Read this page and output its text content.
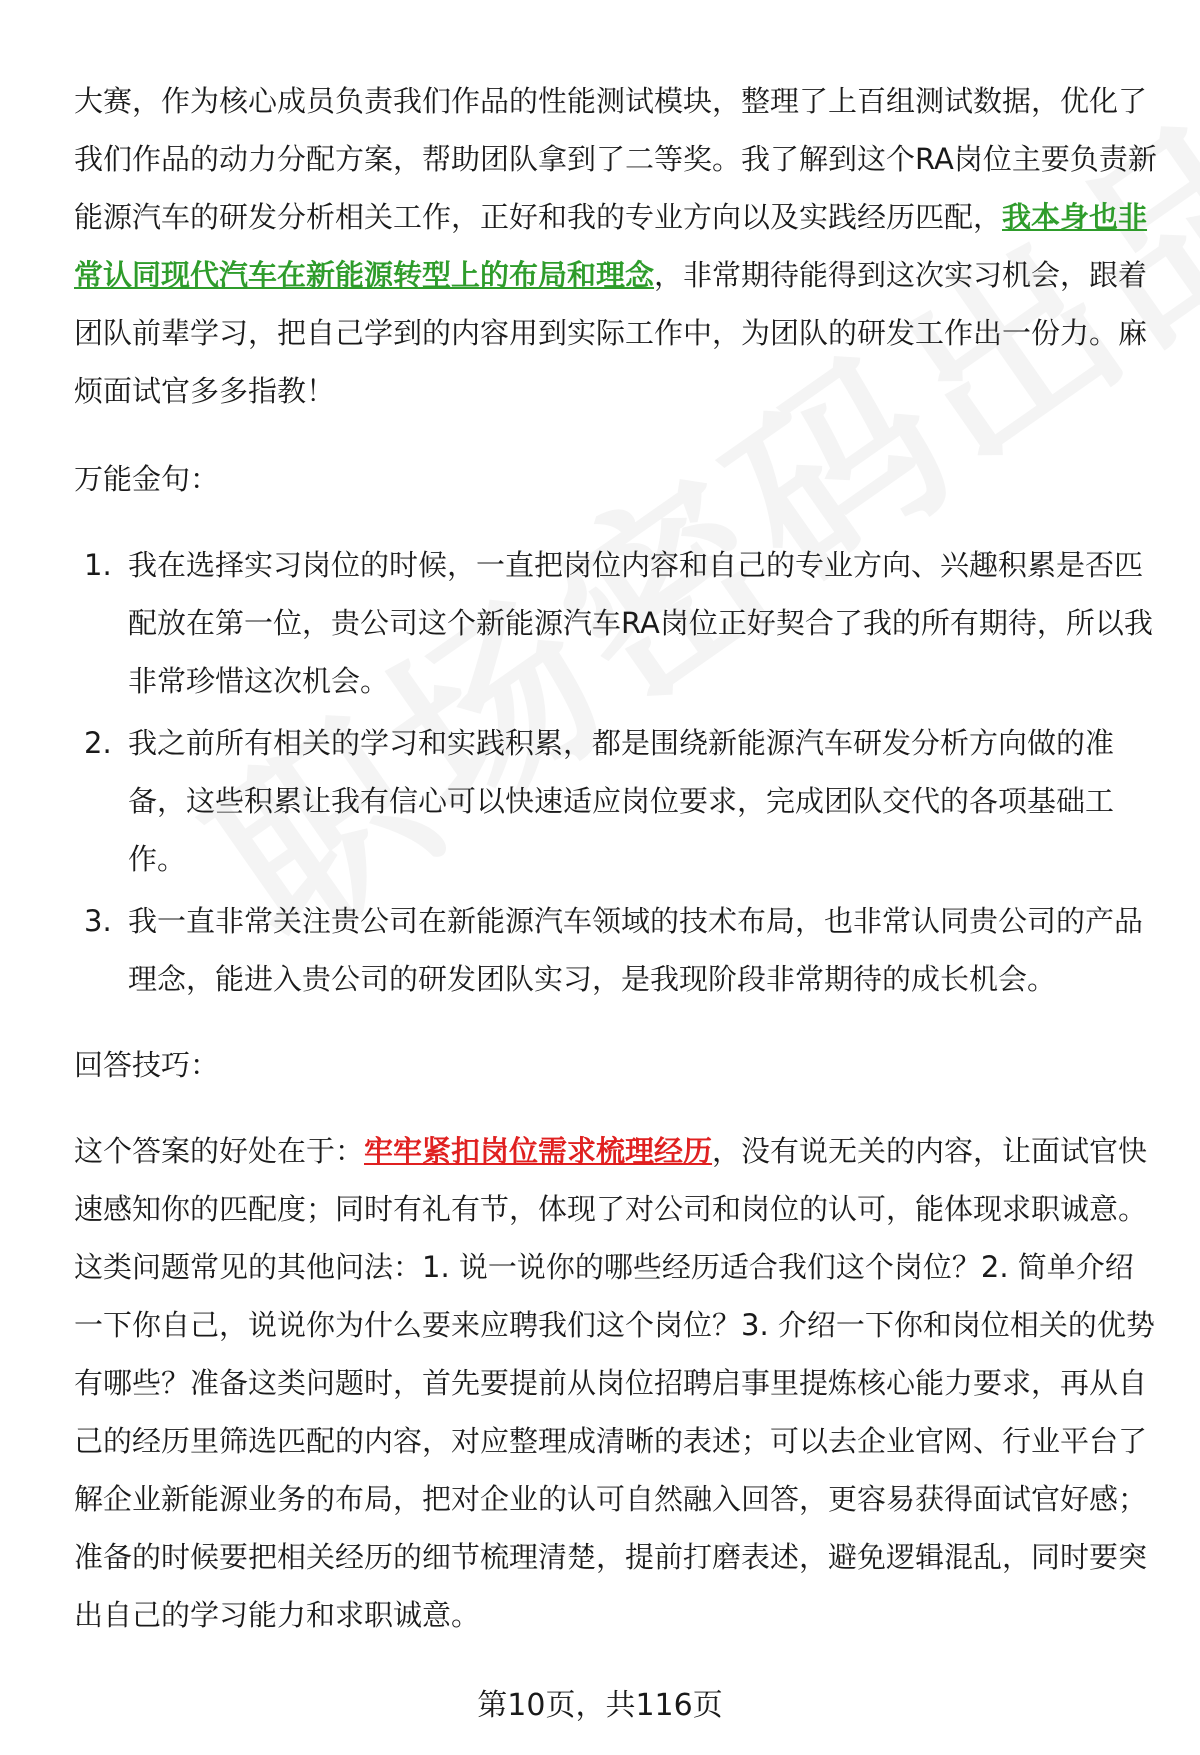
大赛，作为核心成员负责我们作品的性能测试模块，整理了上百组测试数据，优化了我们作品的动力分配方案，帮助团队拿到了二等奖。我了解到这个RA岗位主要负责新能源汽车的研发分析相关工作，正好和我的专业方向以及实践经历匹配，我本身也非常认同现代汽车在新能源转型上的布局和理念，非常期待能得到这次实习机会，跟着团队前辈学习，把自己学到的内容用到实际工作中，为团队的研发工作出一份力。麻烦面试官多多指教！

万能金句：

1. 我在选择实习岗位的时候，一直把岗位内容和自己的专业方向、兴趣积累是否匹配放在第一位，贵公司这个新能源汽车RA岗位正好契合了我的所有期待，所以我非常珍惜这次机会。
2. 我之前所有相关的学习和实践积累，都是围绕新能源汽车研发分析方向做的准备，这些积累让我有信心可以快速适应岗位要求，完成团队交代的各项基础工作。
3. 我一直非常关注贵公司在新能源汽车领域的技术布局，也非常认同贵公司的产品理念，能进入贵公司的研发团队实习，是我现阶段非常期待的成长机会。

回答技巧：

这个答案的好处在于：牢牢紧扣岗位需求梳理经历，没有说无关的内容，让面试官快速感知你的匹配度；同时有礼有节，体现了对公司和岗位的认可，能体现求职诚意。这类问题常见的其他问法：1. 说一说你的哪些经历适合我们这个岗位？2. 简单介绍一下你自己，说说你为什么要来应聘我们这个岗位？3. 介绍一下你和岗位相关的优势有哪些？准备这类问题时，首先要提前从岗位招聘启事里提炼核心能力要求，再从自己的经历里筛选匹配的内容，对应整理成清晰的表述；可以去企业官网、行业平台了解企业新能源业务的布局，把对企业的认可自然融入回答，更容易获得面试官好感；准备的时候要把相关经历的细节梳理清楚，提前打磨表述，避免逻辑混乱，同时要突出自己的学习能力和求职诚意。

第10页，共116页
